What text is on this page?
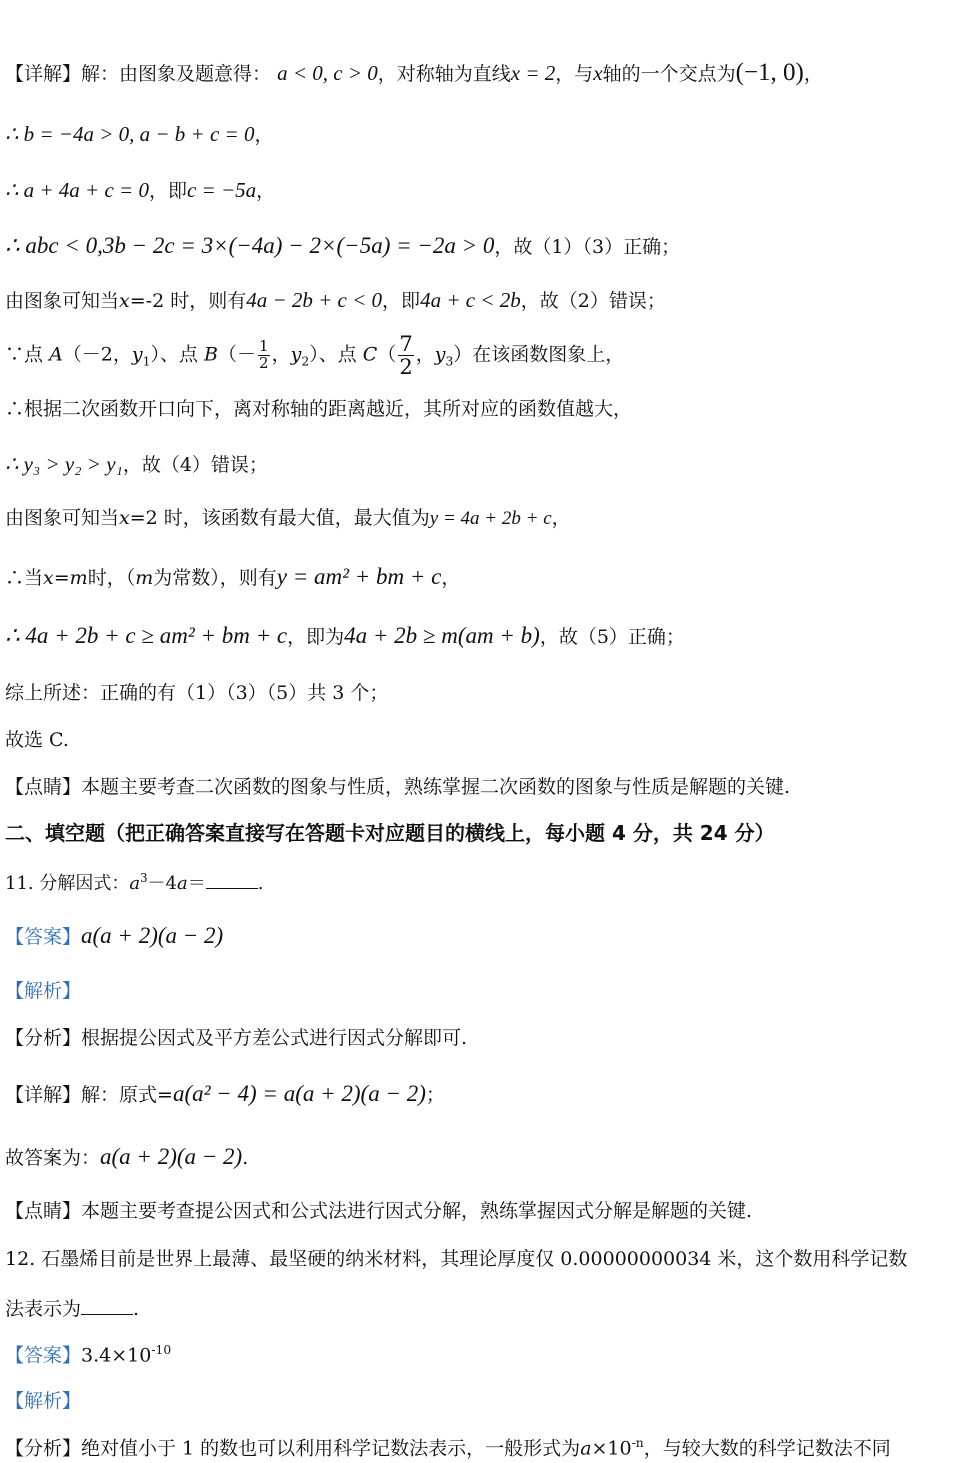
【详解】解：由图象及题意得： a < 0, c > 0，对称轴为直线x = 2，与x轴的一个交点为(−1, 0)，
∴ b = −4a > 0, a − b + c = 0，
∴ a + 4a + c = 0，即c = −5a，
∴ abc < 0,3b − 2c = 3×(−4a) − 2×(−5a) = −2a > 0，故（1）（3）正确；
由图象可知当x=-2 时，则有4a − 2b + c < 0，即4a + c < 2b，故（2）错误；
∵点 A（－2，$y_1$）、点 $B(- \frac{1}{2}$ ，$y_2$）、点 $C( \frac{7}{2}$ ，$y_3$）在该函数图象上，
∴根据二次函数开口向下，离对称轴的距离越近，其所对应的函数值越大，
∴ y₃ > y₂ > y₁，故（4）错误；
由图象可知当x=2 时，该函数有最大值，最大值为y = 4a + 2b + c，
∴当x=m时，（m为常数），则有y = am² + bm + c，
∴ 4a + 2b + c ≥ am² + bm + c，即为4a + 2b ≥ m(am + b)，故（5）正确；
综上所述：正确的有（1）（3）（5）共 3 个；
故选 C.
【点睛】本题主要考查二次函数的图象与性质，熟练掌握二次函数的图象与性质是解题的关键.
二、填空题（把正确答案直接写在答题卡对应题目的横线上，每小题 4 分，共 24 分）
11. 分解因式：$a^3-4a=$	.
【答案】a(a + 2)(a − 2)
【解析】
【分析】根据提公因式及平方差公式进行因式分解即可.
【详解】解：原式=a(a² − 4) = a(a + 2)(a − 2)；
故答案为：a(a + 2)(a − 2).
【点睛】本题主要考查提公因式和公式法进行因式分解，熟练掌握因式分解是解题的关键.
12. 石墨烯目前是世界上最薄、最坚硬的纳米材料，其理论厚度仅 0.00000000034 米，这个数用科学记数
法表示为	.
【答案】$3.4\times 10^{-10}$
【解析】
【分析】绝对值小于 1 的数也可以利用科学记数法表示，一般形式为$a\times 10^{-n}$，与较大数的科学记数法不同
